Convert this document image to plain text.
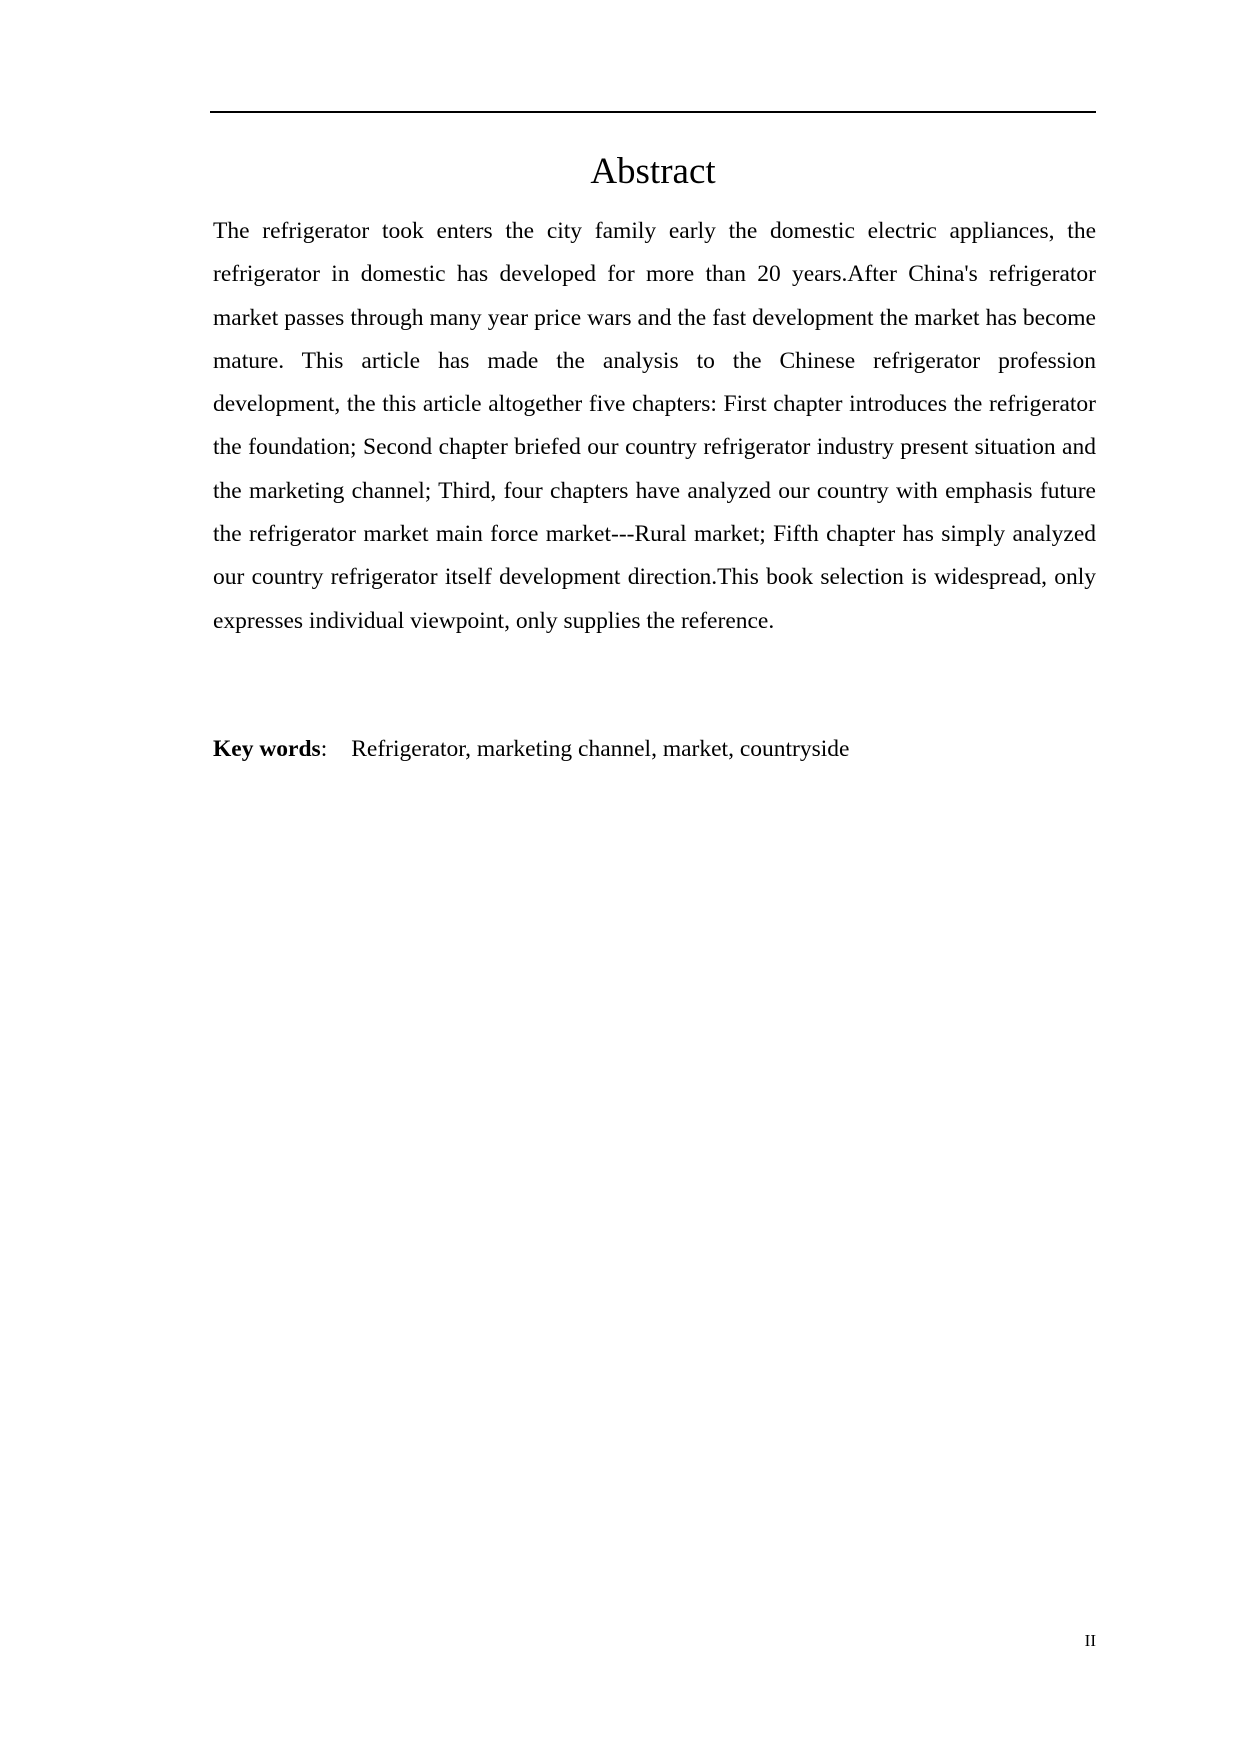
Abstract

The refrigerator took enters the city family early the domestic electric appliances, the refrigerator in domestic has developed for more than 20 years.After China's refrigerator market passes through many year price wars and the fast development the market has become mature. This article has made the analysis to the Chinese refrigerator profession development, the this article altogether five chapters: First chapter introduces the refrigerator the foundation; Second chapter briefed our country refrigerator industry present situation and the marketing channel; Third, four chapters have analyzed our country with emphasis future the refrigerator market main force market---Rural market; Fifth chapter has simply analyzed our country refrigerator itself development direction.This book selection is widespread, only expresses individual viewpoint, only supplies the reference.

Key words: Refrigerator, marketing channel, market, countryside

II
